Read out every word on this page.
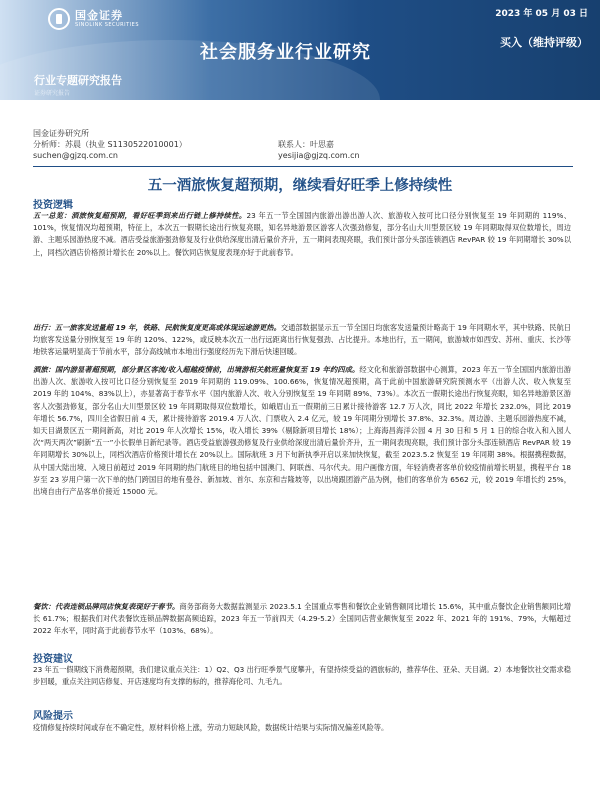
国金证券
SINOLINK SECURITIES
2023 年 05 月 03 日
社会服务业行业研究	买入（维持评级）
行业专题研究报告
证券研究报告
国金证券研究所
分析师：苏晨（执业 S1130522010001）	联系人：叶思嘉
suchen@gjzq.com.cn	yesijia@gjzq.com.cn
五一酒旅恢复超预期，继续看好旺季上修持续性
投资逻辑
五一总览：酒旅恢复超预期，看好旺季到来出行链上修持续性。23 年五一节全国国内旅游出游出游人次、旅游收入按可比口径分别恢复至 19 年同期的 119%、101%，恢复情况均超预期，特征上，本次五一假期长途出行恢复亮眼，知名异地游景区游客人次强劲修复，部分名山大川型景区较 19 年同期取得双位数增长，周边游、主题乐园游热度不减。酒店受益旅游强劲修复及行业供给深度出清后量价齐升，五一期间表现亮眼，我们预计部分头部连锁酒店 RevPAR 较 19 年同期增长 30%以上，同档次酒店价格预计增长在 20%以上。餐饮同店恢复度表现亦好于此前春节。
出行：五一旅客发送量超 19 年，铁路、民航恢复度更高或体现远途游更热。交通部数据显示五一节全国日均旅客发送量预计略高于 19 年同期水平，其中铁路、民航日均旅客发送量分别恢复至 19 年的 120%、122%，或反映本次五一出行远距离出行恢复强劲、占比提升。本地出行，五一期间，旅游城市如西安、苏州、重庆、长沙等地铁客运量明显高于节前水平，部分高线城市本地出行强度经历先下滑后快速回暖。
酒旅：国内游显著超预期，部分景区客流/收入超越疫情前，出境游相关航班量恢复至 19 年约四成。经文化和旅游部数据中心测算，2023 年五一节全国国内旅游出游出游人次、旅游收入按可比口径分别恢复至 2019 年同期的 119.09%、100.66%，恢复情况超预期，高于此前中国旅游研究院预测水平（出游人次、收入恢复至 2019 年的 104%、83%以上），亦显著高于春节水平（国内旅游人次、收入分别恢复至 19 年同期 89%、73%）。本次五一假期长途出行恢复亮眼，知名异地游景区游客人次强劲修复，部分名山大川型景区较 19 年同期取得双位数增长，如峨眉山五一假期前三日累计接待游客 12.7 万人次，同比 2022 年增长 232.0%，同比 2019 年增长 56.7%，四川全省假日前 4 天，累计接待游客 2019.4 万人次、门票收入 2.4 亿元，较 19 年同期分别增长 37.8%、32.3%。周边游、主题乐园游热度不减，如天目湖景区五一期间新高，对比 2019 年人次增长 15%，收入增长 39%（剔除新项目增长 18%）；上海海昌海洋公园 4 月 30 日和 5 月 1 日的综合收入和入园人次“两天两次”刷新“五一”小长假单日新纪录等。酒店受益旅游强劲修复及行业供给深度出清后量价齐升，五一期间表现亮眼，我们预计部分头部连锁酒店 RevPAR 较 19 年同期增长 30%以上，同档次酒店价格预计增长在 20%以上。国际航班 3 月下旬新执季开启以来加快恢复，截至 2023.5.2 恢复至 19 年同期 38%。根据携程数据，从中国大陆出境、入境日前超过 2019 年同期的热门航班目的地包括中国澳门、阿联酋、马尔代夫。用户画像方面，年轻消费者客单价较疫情前增长明显，携程平台 18 岁至 23 岁用户第一次下单的热门跨国目的地有曼谷、新加坡、首尔、东京和吉隆坡等，以出境跟团游产品为例，他们的客单价为 6562 元，较 2019 年增长约 25%，出境自由行产品客单价接近 15000 元。
餐饮：代表连锁品牌同店恢复表现好于春节。商务部商务大数据监测显示 2023.5.1 全国重点零售和餐饮企业销售额同比增长 15.6%，其中重点餐饮企业销售额同比增长 61.7%；根据我们对代表餐饮连锁品牌数据高频追踪，2023 年五一节前四天（4.29-5.2）全国同店营业额恢复至 2022 年、2021 年的 191%、79%，大幅超过 2022 年水平，同时高于此前春节水平（103%、68%）。
投资建议
23 年五一假期线下消费超预期，我们建议重点关注：1）Q2、Q3 出行旺季景气度攀升，有望持续受益的酒旅标的，推荐华住、亚朵、天目湖。2）本地餐饮社交需求稳步回暖，重点关注同店修复、开店速度均有支撑的标的，推荐海伦司、九毛九。
风险提示
疫情修复持续时间或存在不确定性，原材料价格上涨，劳动力短缺风险，数据统计结果与实际情况偏差风险等。
